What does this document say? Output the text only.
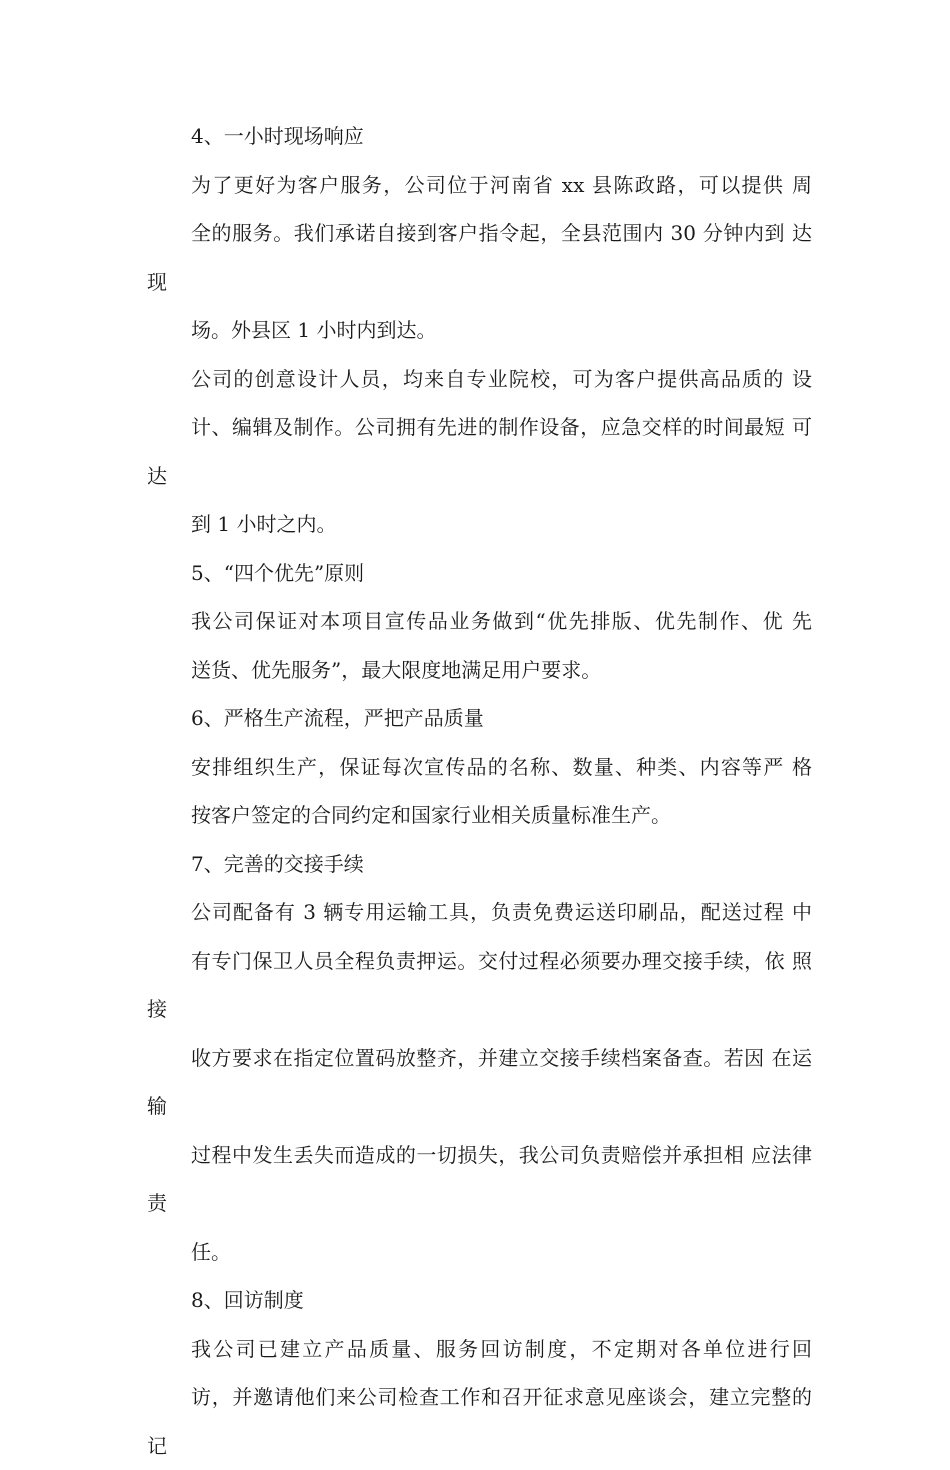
4、一小时现场响应

为了更好为客户服务，公司位于河南省 xx 县陈政路，可以提供 周
全的服务。我们承诺自接到客户指令起，全县范围内 30 分钟内到 达现
场。外县区 1 小时内到达。

公司的创意设计人员，均来自专业院校，可为客户提供高品质的 设
计、编辑及制作。公司拥有先进的制作设备，应急交样的时间最短 可达
到 1 小时之内。

5、“四个优先”原则

我公司保证对本项目宣传品业务做到“优先排版、优先制作、优 先
送货、优先服务”，最大限度地满足用户要求。

6、严格生产流程，严把产品质量

安排组织生产，保证每次宣传品的名称、数量、种类、内容等严 格
按客户签定的合同约定和国家行业相关质量标准生产。

7、完善的交接手续

公司配备有 3 辆专用运输工具，负责免费运送印刷品，配送过程 中
有专门保卫人员全程负责押运。交付过程必须要办理交接手续，依 照接
收方要求在指定位置码放整齐，并建立交接手续档案备查。若因 在运输
过程中发生丢失而造成的一切损失，我公司负责赔偿并承担相 应法律责
任。

8、回访制度

我公司已建立产品质量、服务回访制度，不定期对各单位进行回
访，并邀请他们来公司检查工作和召开征求意见座谈会，建立完整的 记
